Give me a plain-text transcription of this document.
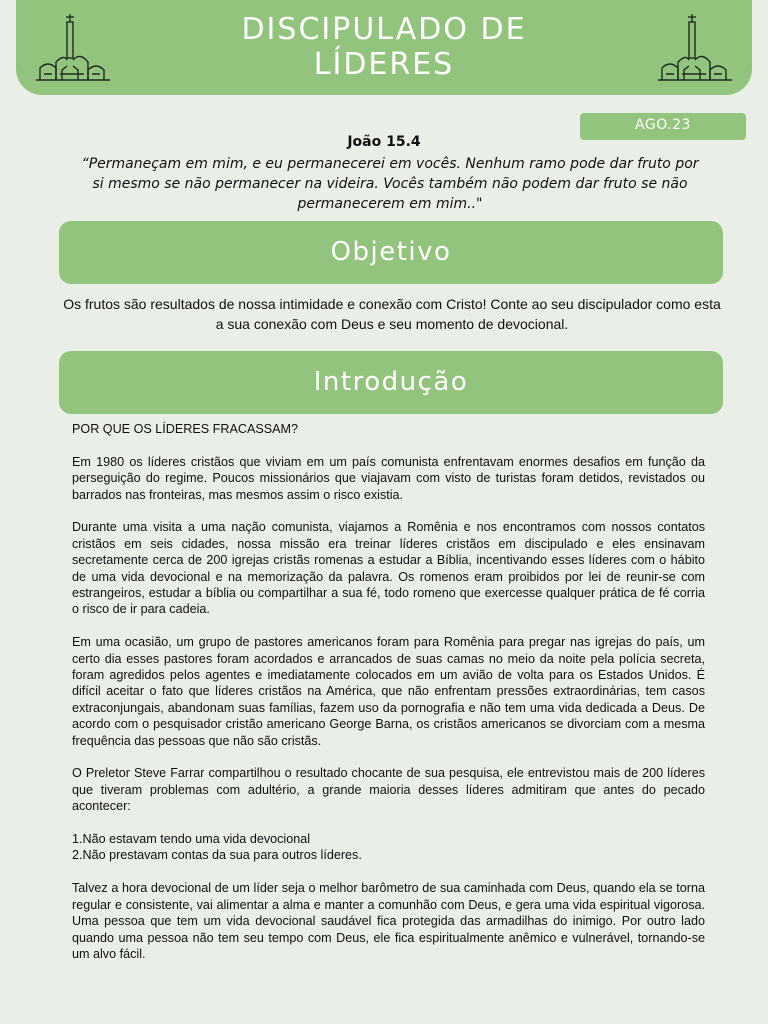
DISCIPULADO DE
LÍDERES
AGO.23
João 15.4
“Permaneçam em mim, e eu permanecerei em vocês. Nenhum ramo pode dar fruto por si mesmo se não permanecer na videira. Vocês também não podem dar fruto se não permanecerem em mim.."
Objetivo
Os frutos são resultados de nossa intimidade e conexão com Cristo! Conte ao seu discipulador como esta a sua conexão com Deus e seu momento de devocional.
Introdução

POR QUE OS LÍDERES FRACASSAM?

Em 1980 os líderes cristãos que viviam em um país comunista enfrentavam enormes desafios em função da perseguição do regime. Poucos missionários que viajavam com visto de turistas foram detidos, revistados ou barrados nas fronteiras, mas mesmos assim o risco existia.

Durante uma visita a uma nação comunista, viajamos a Romênia e nos encontramos com nossos contatos cristãos em seis cidades, nossa missão era treinar líderes cristãos em discipulado e eles ensinavam secretamente cerca de 200 igrejas cristãs romenas a estudar a Bíblia, incentivando esses líderes com o hábito de uma vida devocional e na memorização da palavra. Os romenos eram proibidos por lei de reunir-se com estrangeiros, estudar a bíblia ou compartilhar a sua fé, todo romeno que exercesse qualquer prática de fé corria o risco de ir para cadeia.

Em uma ocasião, um grupo de pastores americanos foram para Romênia para pregar nas igrejas do país, um certo dia esses pastores foram acordados e arrancados de suas camas no meio da noite pela polícia secreta, foram agredidos pelos agentes e imediatamente colocados em um avião de volta para os Estados Unidos. É difícil aceitar o fato que líderes cristãos na América, que não enfrentam pressões extraordinárias, tem casos extraconjungais, abandonam suas famílias, fazem uso da pornografia e não tem uma vida dedicada a Deus. De acordo com o pesquisador cristão americano George Barna, os cristãos americanos se divorciam com a mesma frequência das pessoas que não são cristãs.

O Preletor Steve Farrar compartilhou o resultado chocante de sua pesquisa, ele entrevistou mais de 200 líderes que tiveram problemas com adultério, a grande maioria desses líderes admitiram que antes do pecado acontecer:

1.Não estavam tendo uma vida devocional
2.Não prestavam contas da sua para outros líderes.

Talvez a hora devocional de um líder seja o melhor barômetro de sua caminhada com Deus, quando ela se torna regular e consistente, vai alimentar a alma e manter a comunhão com Deus, e gera uma vida espiritual vigorosa. Uma pessoa que tem um vida devocional saudável fica protegida das armadilhas do inimigo. Por outro lado quando uma pessoa não tem seu tempo com Deus, ele fica espiritualmente anêmico e vulnerável, tornando-se um alvo fácil.
